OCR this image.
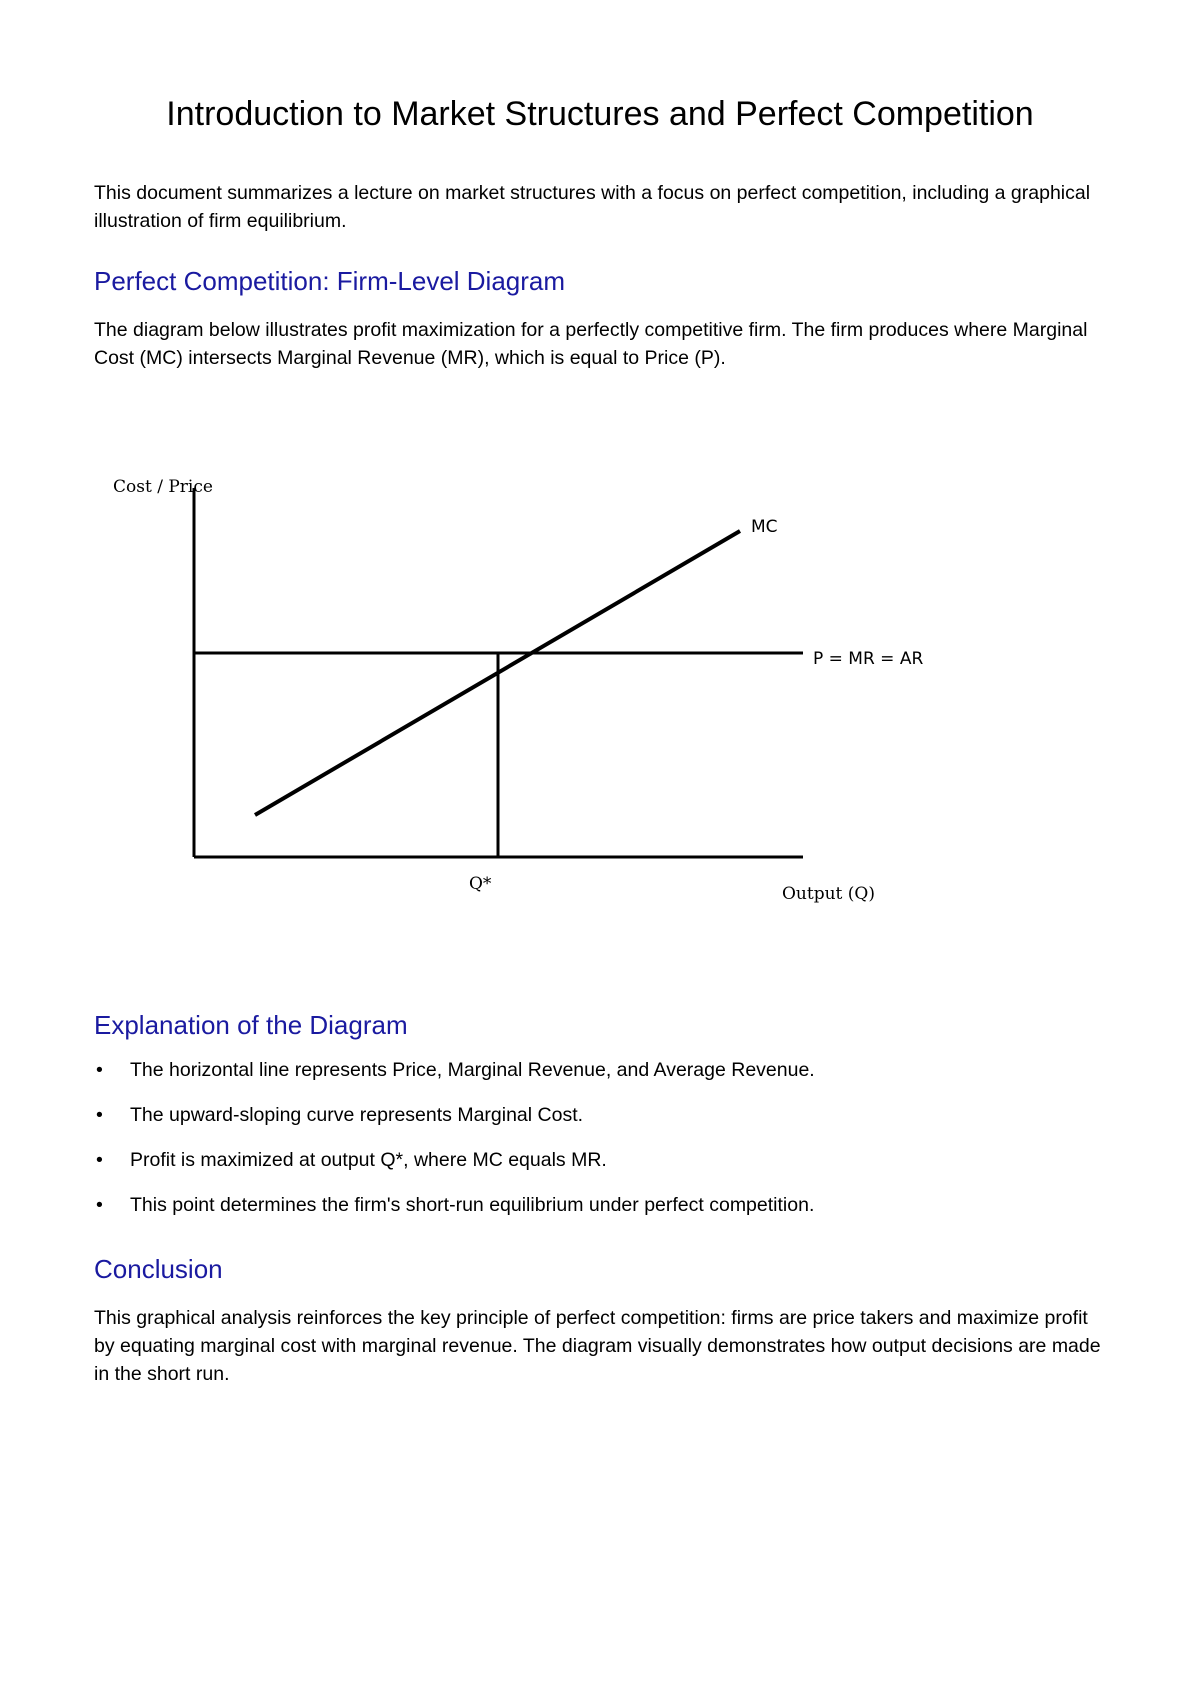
Introduction to Market Structures and Perfect Competition

This document summarizes a lecture on market structures with a focus on perfect competition, including a graphical illustration of firm equilibrium.

Perfect Competition: Firm-Level Diagram

The diagram below illustrates profit maximization for a perfectly competitive firm. The firm produces where Marginal Cost (MC) intersects Marginal Revenue (MR), which is equal to Price (P).

Cost / Price
Output (Q)
MC
P = MR = AR
Q*
Explanation of the Diagram
• The horizontal line represents Price, Marginal Revenue, and Average Revenue.
• The upward-sloping curve represents Marginal Cost.
• Profit is maximized at output Q*, where MC equals MR.
• This point determines the firm's short-run equilibrium under perfect competition.
Conclusion

This graphical analysis reinforces the key principle of perfect competition: firms are price takers and maximize profit by equating marginal cost with marginal revenue. The diagram visually demonstrates how output decisions are made in the short run.
